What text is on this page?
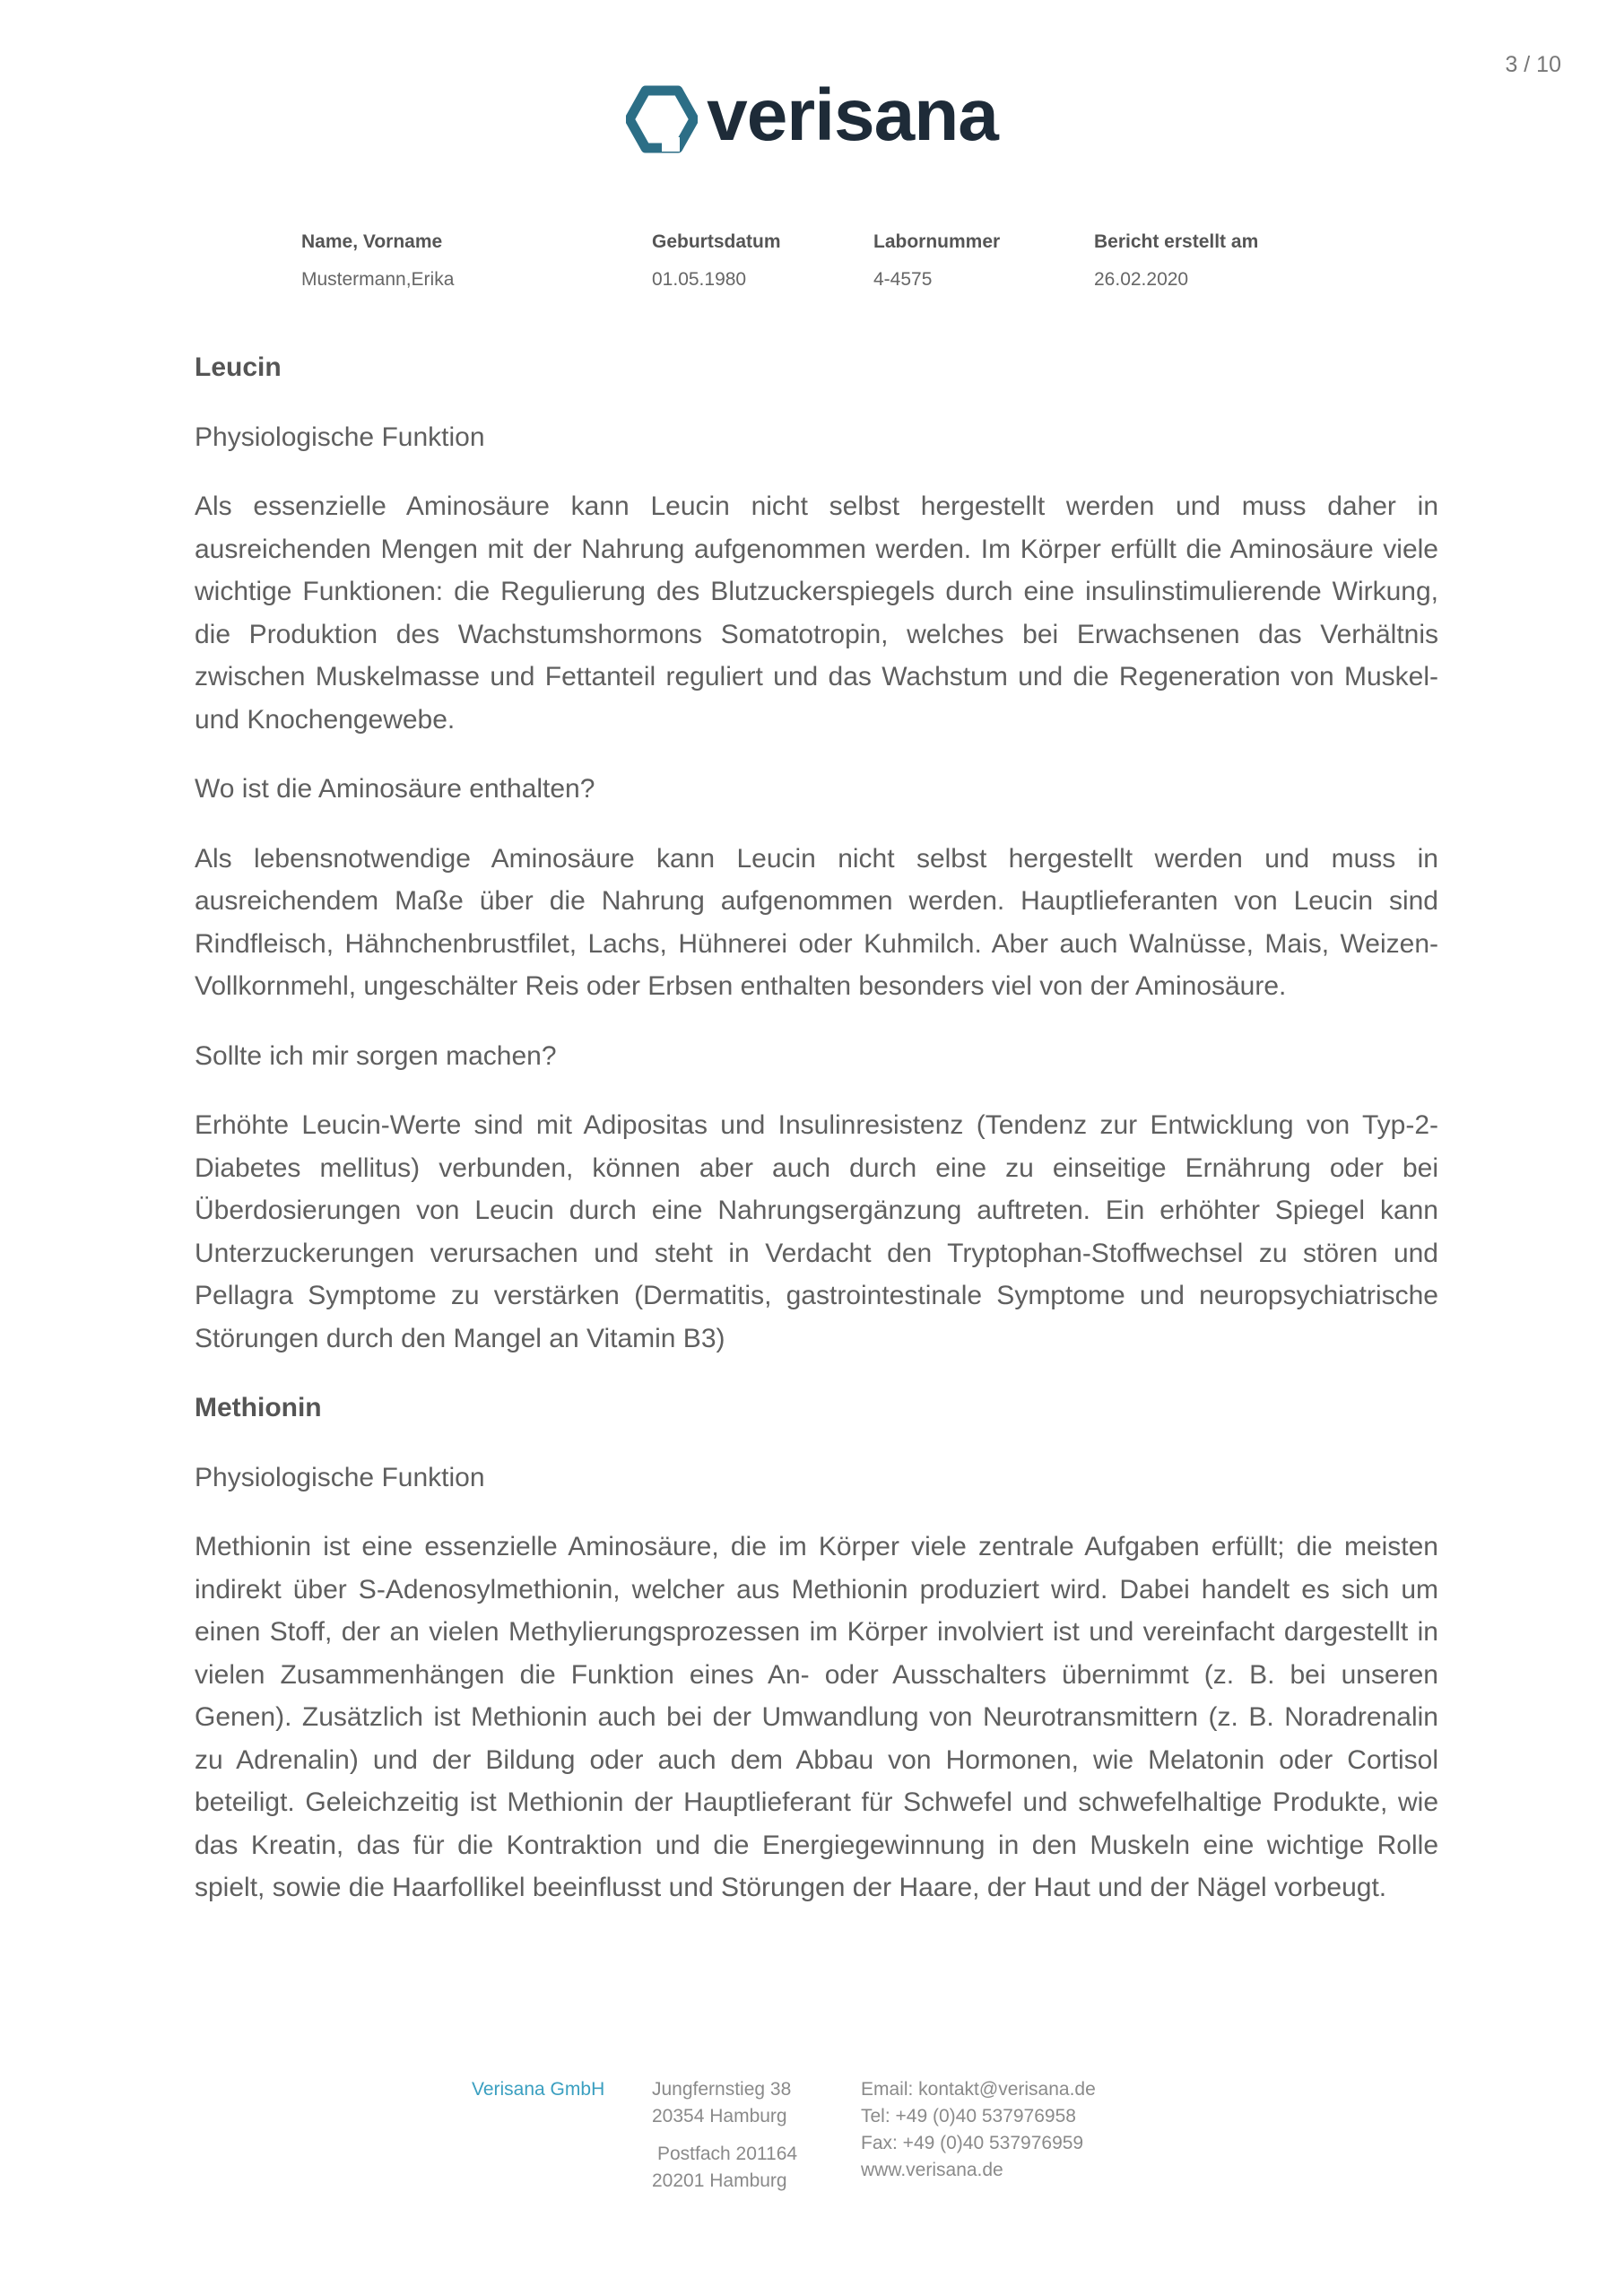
3 / 10
verisana
Name, Vorname	Geburtsdatum	Labornummer	Bericht erstellt am
Mustermann,Erika	01.05.1980	4-4575	26.02.2020
Leucin

Physiologische Funktion

Als essenzielle Aminosäure kann Leucin nicht selbst hergestellt werden und muss daher in ausreichenden Mengen mit der Nahrung aufgenommen werden. Im Körper erfüllt die Aminosäure viele wichtige Funktionen: die Regulierung des Blutzuckerspiegels durch eine insulinstimulierende Wirkung, die Produktion des Wachstumshormons Somatotropin, welches bei Erwachsenen das Verhältnis zwischen Muskelmasse und Fettanteil reguliert und das Wachstum und die Regeneration von Muskel- und Knochengewebe.

Wo ist die Aminosäure enthalten?

Als lebensnotwendige Aminosäure kann Leucin nicht selbst hergestellt werden und muss in ausreichendem Maße über die Nahrung aufgenommen werden. Hauptlieferanten von Leucin sind Rindfleisch, Hähnchenbrustfilet, Lachs, Hühnerei oder Kuhmilch. Aber auch Walnüsse, Mais, Weizen-Vollkornmehl, ungeschälter Reis oder Erbsen enthalten besonders viel von der Aminosäure.

Sollte ich mir sorgen machen?

Erhöhte Leucin-Werte sind mit Adipositas und Insulinresistenz (Tendenz zur Entwicklung von Typ-2-Diabetes mellitus) verbunden, können aber auch durch eine zu einseitige Ernährung oder bei Überdosierungen von Leucin durch eine Nahrungsergänzung auftreten. Ein erhöhter Spiegel kann Unterzuckerungen verursachen und steht in Verdacht den Tryptophan-Stoffwechsel zu stören und Pellagra Symptome zu verstärken (Dermatitis, gastrointestinale Symptome und neuropsychiatrische Störungen durch den Mangel an Vitamin B3)

Methionin

Physiologische Funktion

Methionin ist eine essenzielle Aminosäure, die im Körper viele zentrale Aufgaben erfüllt; die meisten indirekt über S-Adenosylmethionin, welcher aus Methionin produziert wird. Dabei handelt es sich um einen Stoff, der an vielen Methylierungsprozessen im Körper involviert ist und vereinfacht dargestellt in vielen Zusammenhängen die Funktion eines An- oder Ausschalters übernimmt (z. B. bei unseren Genen). Zusätzlich ist Methionin auch bei der Umwandlung von Neurotransmittern (z. B. Noradrenalin zu Adrenalin) und der Bildung oder auch dem Abbau von Hormonen, wie Melatonin oder Cortisol beteiligt. Geleichzeitig ist Methionin der Hauptlieferant für Schwefel und schwefelhaltige Produkte, wie das Kreatin, das für die Kontraktion und die Energiegewinnung in den Muskeln eine wichtige Rolle spielt, sowie die Haarfollikel beeinflusst und Störungen der Haare, der Haut und der Nägel vorbeugt.

Verisana GmbH	Jungfernstieg 38
20354 Hamburg
Postfach 201164
20201 Hamburg
Email: kontakt@verisana.de
Tel: +49 (0)40 537976958
Fax: +49 (0)40 537976959
www.verisana.de
